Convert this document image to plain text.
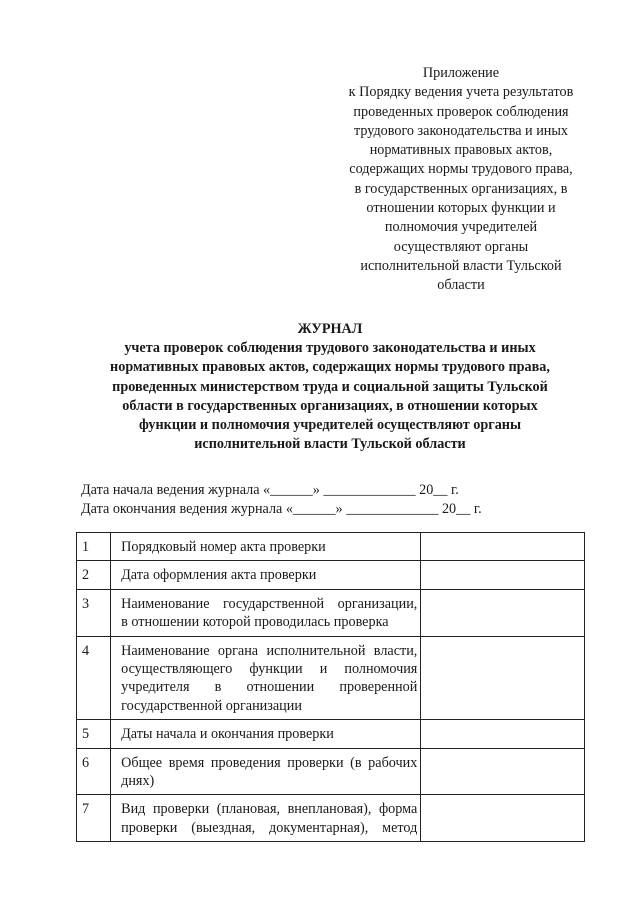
Приложение
к Порядку ведения учета результатов
проведенных проверок соблюдения
трудового законодательства и иных
нормативных правовых актов,
содержащих нормы трудового права,
в государственных организациях, в
отношении которых функции и
полномочия учредителей
осуществляют органы
исполнительной власти Тульской
области
ЖУРНАЛ
учета проверок соблюдения трудового законодательства и иных
нормативных правовых актов, содержащих нормы трудового права,
проведенных министерством труда и социальной защиты Тульской
области в государственных организациях, в отношении которых
функции и полномочия учредителей осуществляют органы
исполнительной власти Тульской области
Дата начала ведения журнала «______» _____________ 20__ г.
Дата окончания ведения журнала «______» _____________ 20__ г.
1	Порядковый номер акта проверки	

2	Дата оформления акта проверки	

3	Наименование государственной организации,
в отношении которой проводилась проверка	

4	Наименование органа исполнительной власти,
осуществляющего функции и полномочия
учредителя в отношении проверенной
государственной организации	

5	Даты начала и окончания проверки	

6	Общее время проведения проверки (в рабочих
днях)	

7	Вид проверки (плановая, внеплановая), форма
проверки (выездная, документарная), метод	
